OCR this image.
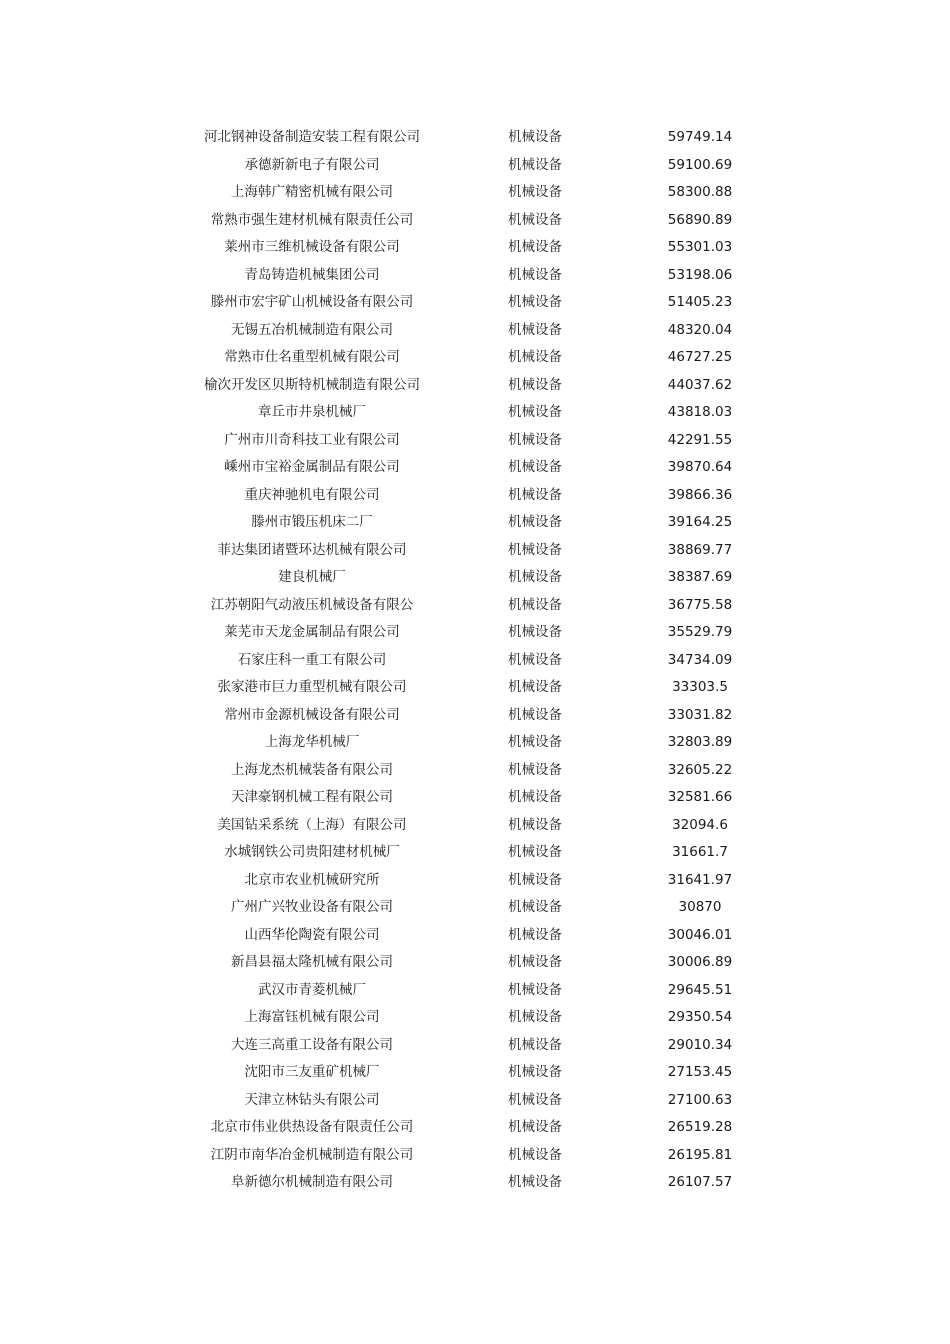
河北钢神设备制造安装工程有限公司	机械设备	59749.14
承德新新电子有限公司	机械设备	59100.69
上海韩广精密机械有限公司	机械设备	58300.88
常熟市强生建材机械有限责任公司	机械设备	56890.89
莱州市三维机械设备有限公司	机械设备	55301.03
青岛铸造机械集团公司	机械设备	53198.06
滕州市宏宇矿山机械设备有限公司	机械设备	51405.23
无锡五冶机械制造有限公司	机械设备	48320.04
常熟市仕名重型机械有限公司	机械设备	46727.25
榆次开发区贝斯特机械制造有限公司	机械设备	44037.62
章丘市井泉机械厂	机械设备	43818.03
广州市川奇科技工业有限公司	机械设备	42291.55
嵊州市宝裕金属制品有限公司	机械设备	39870.64
重庆神驰机电有限公司	机械设备	39866.36
滕州市锻压机床二厂	机械设备	39164.25
菲达集团诸暨环达机械有限公司	机械设备	38869.77
建良机械厂	机械设备	38387.69
江苏朝阳气动液压机械设备有限公	机械设备	36775.58
莱芜市天龙金属制品有限公司	机械设备	35529.79
石家庄科一重工有限公司	机械设备	34734.09
张家港市巨力重型机械有限公司	机械设备	33303.5
常州市金源机械设备有限公司	机械设备	33031.82
上海龙华机械厂	机械设备	32803.89
上海龙杰机械装备有限公司	机械设备	32605.22
天津豪钢机械工程有限公司	机械设备	32581.66
美国钻采系统（上海）有限公司	机械设备	32094.6
水城钢铁公司贵阳建材机械厂	机械设备	31661.7
北京市农业机械研究所	机械设备	31641.97
广州广兴牧业设备有限公司	机械设备	30870
山西华伦陶瓷有限公司	机械设备	30046.01
新昌县福太隆机械有限公司	机械设备	30006.89
武汉市青菱机械厂	机械设备	29645.51
上海富钰机械有限公司	机械设备	29350.54
大连三高重工设备有限公司	机械设备	29010.34
沈阳市三友重矿机械厂	机械设备	27153.45
天津立林钻头有限公司	机械设备	27100.63
北京市伟业供热设备有限责任公司	机械设备	26519.28
江阴市南华冶金机械制造有限公司	机械设备	26195.81
阜新德尔机械制造有限公司	机械设备	26107.57
